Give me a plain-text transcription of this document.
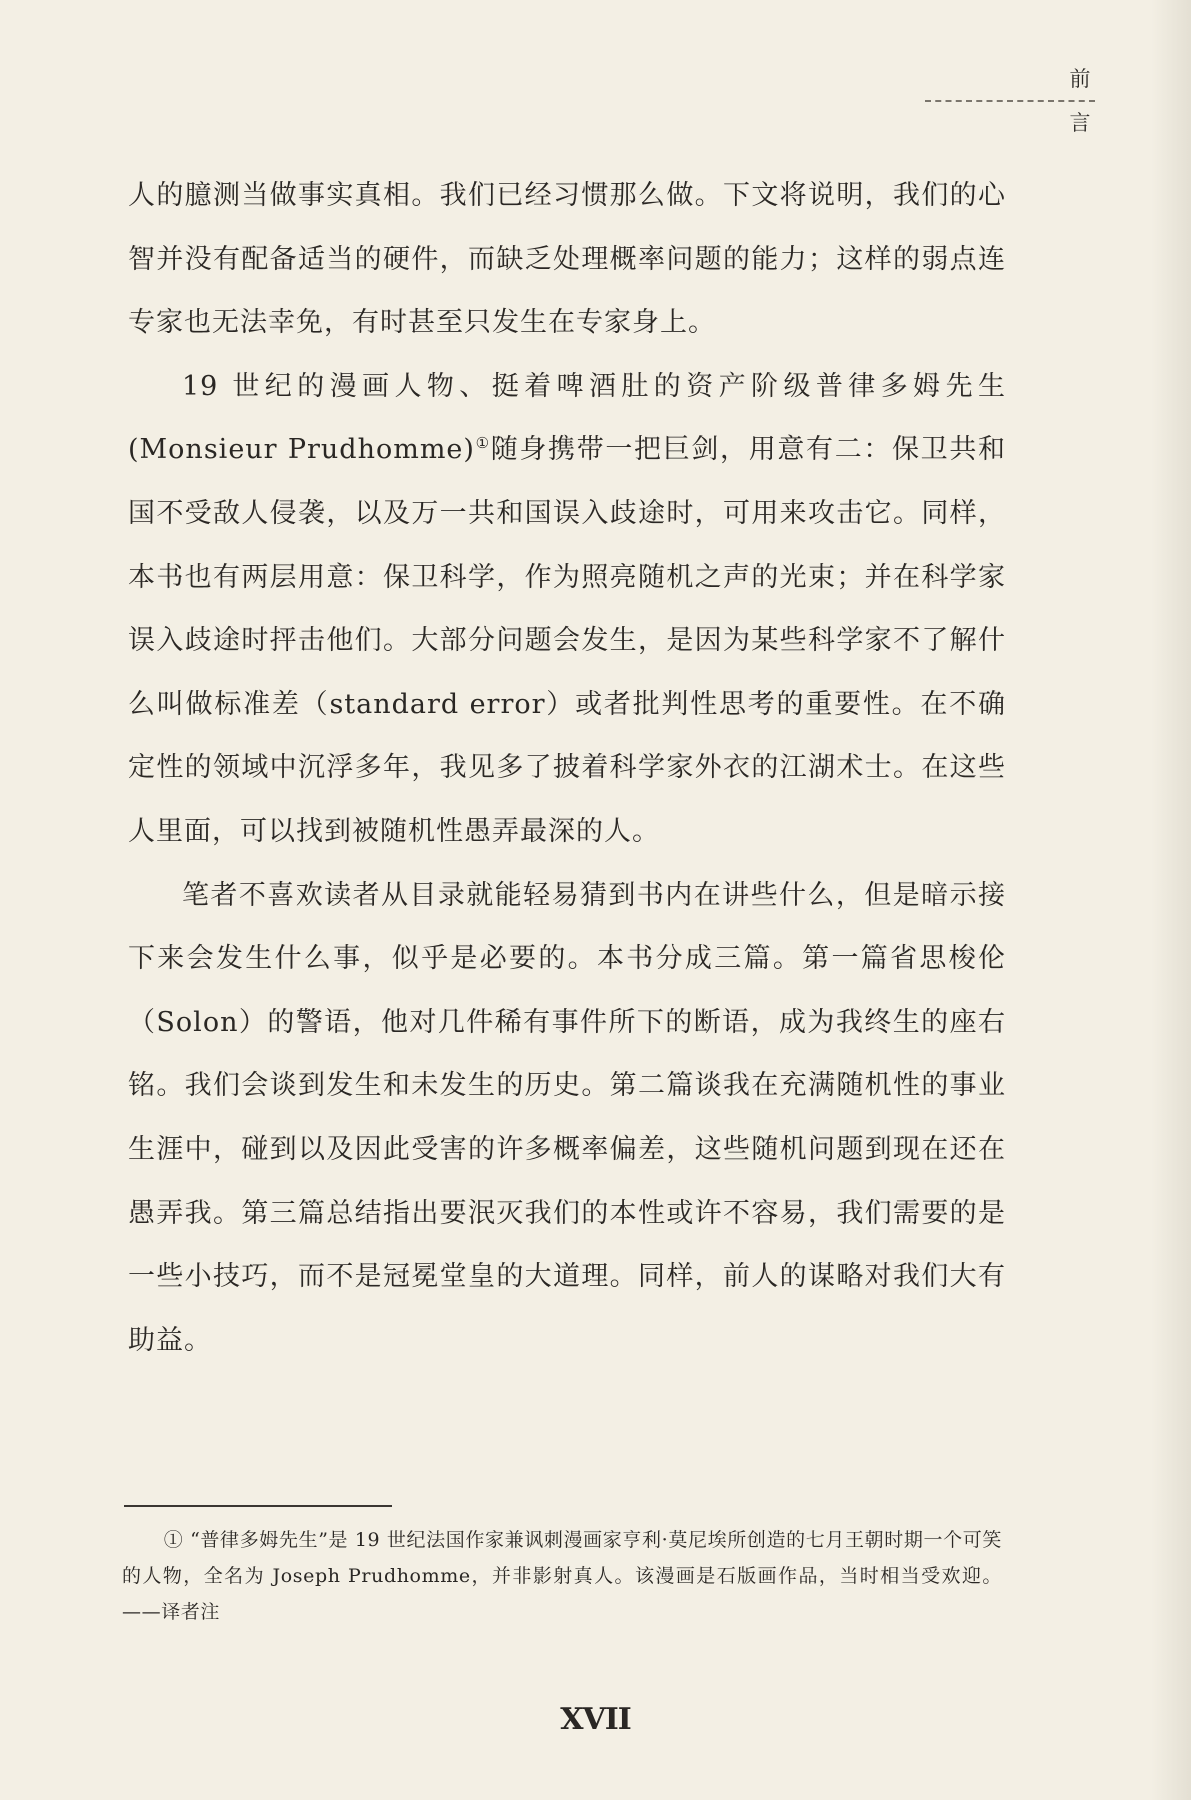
前
言

人的臆测当做事实真相。我们已经习惯那么做。下文将说明，我们的心智并没有配备适当的硬件，而缺乏处理概率问题的能力；这样的弱点连专家也无法幸免，有时甚至只发生在专家身上。

19 世纪的漫画人物、挺着啤酒肚的资产阶级普律多姆先生 (Monsieur Prudhomme)①随身携带一把巨剑，用意有二：保卫共和国不受敌人侵袭，以及万一共和国误入歧途时，可用来攻击它。同样，本书也有两层用意：保卫科学，作为照亮随机之声的光束；并在科学家误入歧途时抨击他们。大部分问题会发生，是因为某些科学家不了解什么叫做标准差（standard error）或者批判性思考的重要性。在不确定性的领域中沉浮多年，我见多了披着科学家外衣的江湖术士。在这些人里面，可以找到被随机性愚弄最深的人。

笔者不喜欢读者从目录就能轻易猜到书内在讲些什么，但是暗示接下来会发生什么事，似乎是必要的。本书分成三篇。第一篇省思梭伦（Solon）的警语，他对几件稀有事件所下的断语，成为我终生的座右铭。我们会谈到发生和未发生的历史。第二篇谈我在充满随机性的事业生涯中，碰到以及因此受害的许多概率偏差，这些随机问题到现在还在愚弄我。第三篇总结指出要泯灭我们的本性或许不容易，我们需要的是一些小技巧，而不是冠冕堂皇的大道理。同样，前人的谋略对我们大有助益。

① “普律多姆先生”是 19 世纪法国作家兼讽刺漫画家亨利·莫尼埃所创造的七月王朝时期一个可笑的人物，全名为 Joseph Prudhomme，并非影射真人。该漫画是石版画作品，当时相当受欢迎。——译者注

XVII
